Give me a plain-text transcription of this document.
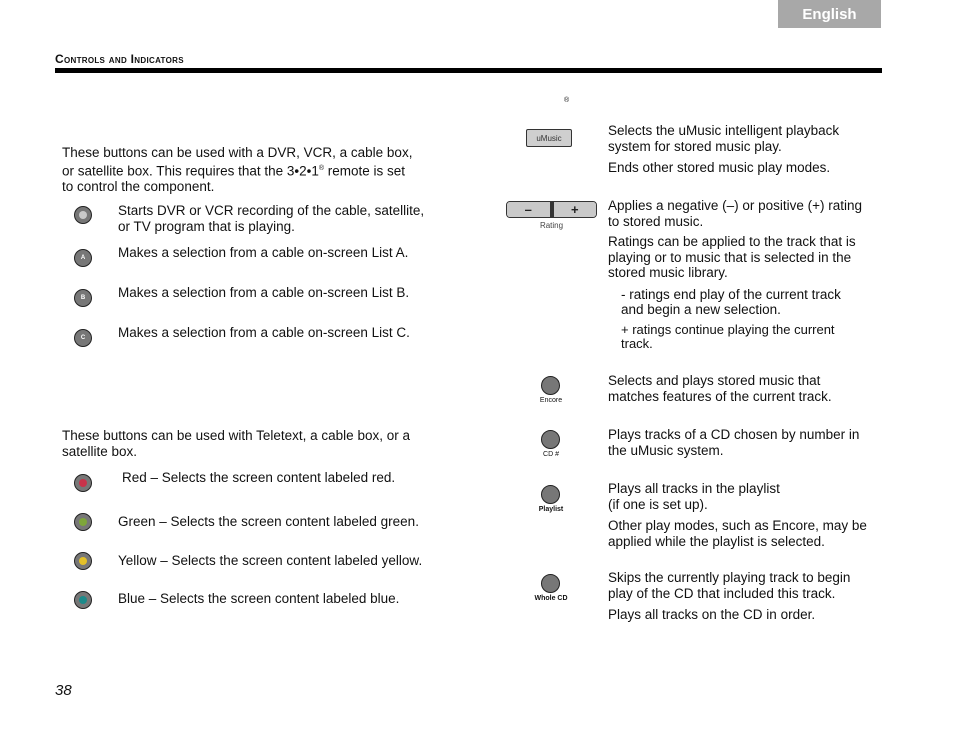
English
Controls and Indicators
®
These buttons can be used with a DVR, VCR, a cable box,
or satellite box. This requires that the 3•2•1® remote is set
to control the component.
Starts DVR or VCR recording of the cable, satellite,
or TV program that is playing.
A Makes a selection from a cable on-screen List A.
B Makes a selection from a cable on-screen List B.
C Makes a selection from a cable on-screen List C.
These buttons can be used with Teletext, a cable box, or a
satellite box.
Red – Selects the screen content labeled red.
Green – Selects the screen content labeled green.
Yellow – Selects the screen content labeled yellow.
Blue – Selects the screen content labeled blue.
uMusic	Selects the uMusic intelligent playback
system for stored music play.
Ends other stored music play modes.
–	+
Rating
Applies a negative (–) or positive (+) rating
to stored music.
Ratings can be applied to the track that is
playing or to music that is selected in the
stored music library.
- ratings end play of the current track
and begin a new selection.
+ ratings continue playing the current
track.
Encore
Selects and plays stored music that
matches features of the current track.
CD #
Plays tracks of a CD chosen by number in
the uMusic system.
Playlist
Plays all tracks in the playlist
(if one is set up).
Other play modes, such as Encore, may be
applied while the playlist is selected.
Whole CD
Skips the currently playing track to begin
play of the CD that included this track.
Plays all tracks on the CD in order.
38
